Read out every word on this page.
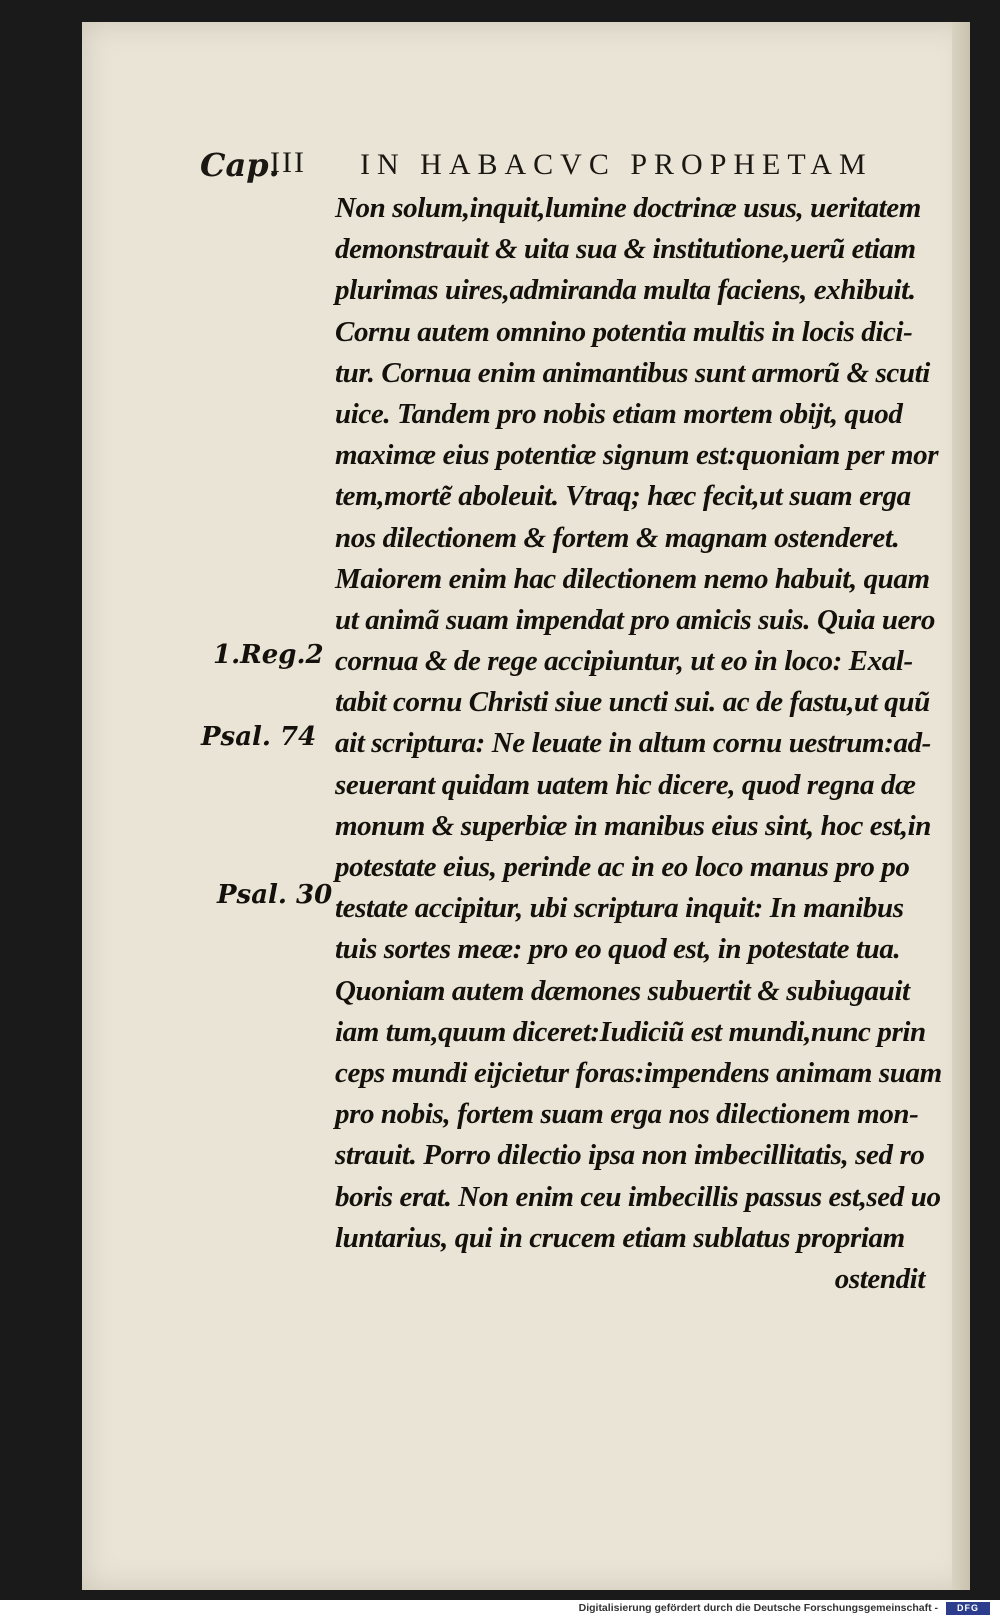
Cap.
III IN HABACVC PROPHETAM
Non solum,inquit,lumine doctrinæ usus, ueritatem
demonstrauit & uita sua & institutione,uerũ etiam
plurimas uires,admiranda multa faciens, exhibuit.
Cornu autem omnino potentia multis in locis dici-
tur. Cornua enim animantibus sunt armorũ & scuti
uice. Tandem pro nobis etiam mortem obijt, quod
maximæ eius potentiæ signum est:quoniam per mor
tem,mortẽ aboleuit. Vtraq; hæc fecit,ut suam erga
nos dilectionem & fortem & magnam ostenderet.
Maiorem enim hac dilectionem nemo habuit, quam
ut animã suam impendat pro amicis suis. Quia uero
cornua & de rege accipiuntur, ut eo in loco: Exal-
tabit cornu Christi siue uncti sui. ac de fastu,ut quũ
ait scriptura: Ne leuate in altum cornu uestrum:ad-
seuerant quidam uatem hic dicere, quod regna dæ
monum & superbiæ in manibus eius sint, hoc est,in
potestate eius, perinde ac in eo loco manus pro po
testate accipitur, ubi scriptura inquit: In manibus
tuis sortes meæ: pro eo quod est, in potestate tua.
Quoniam autem dæmones subuertit & subiugauit
iam tum,quum diceret:Iudiciũ est mundi,nunc prin
ceps mundi eijcietur foras:impendens animam suam
pro nobis, fortem suam erga nos dilectionem mon-
strauit. Porro dilectio ipsa non imbecillitatis, sed ro
boris erat. Non enim ceu imbecillis passus est,sed uo
luntarius, qui in crucem etiam sublatus propriam
ostendit
1.Reg.2
Psal. 74
Psal. 30
Digitalisierung gefördert durch die Deutsche Forschungsgemeinschaft -	DFG
